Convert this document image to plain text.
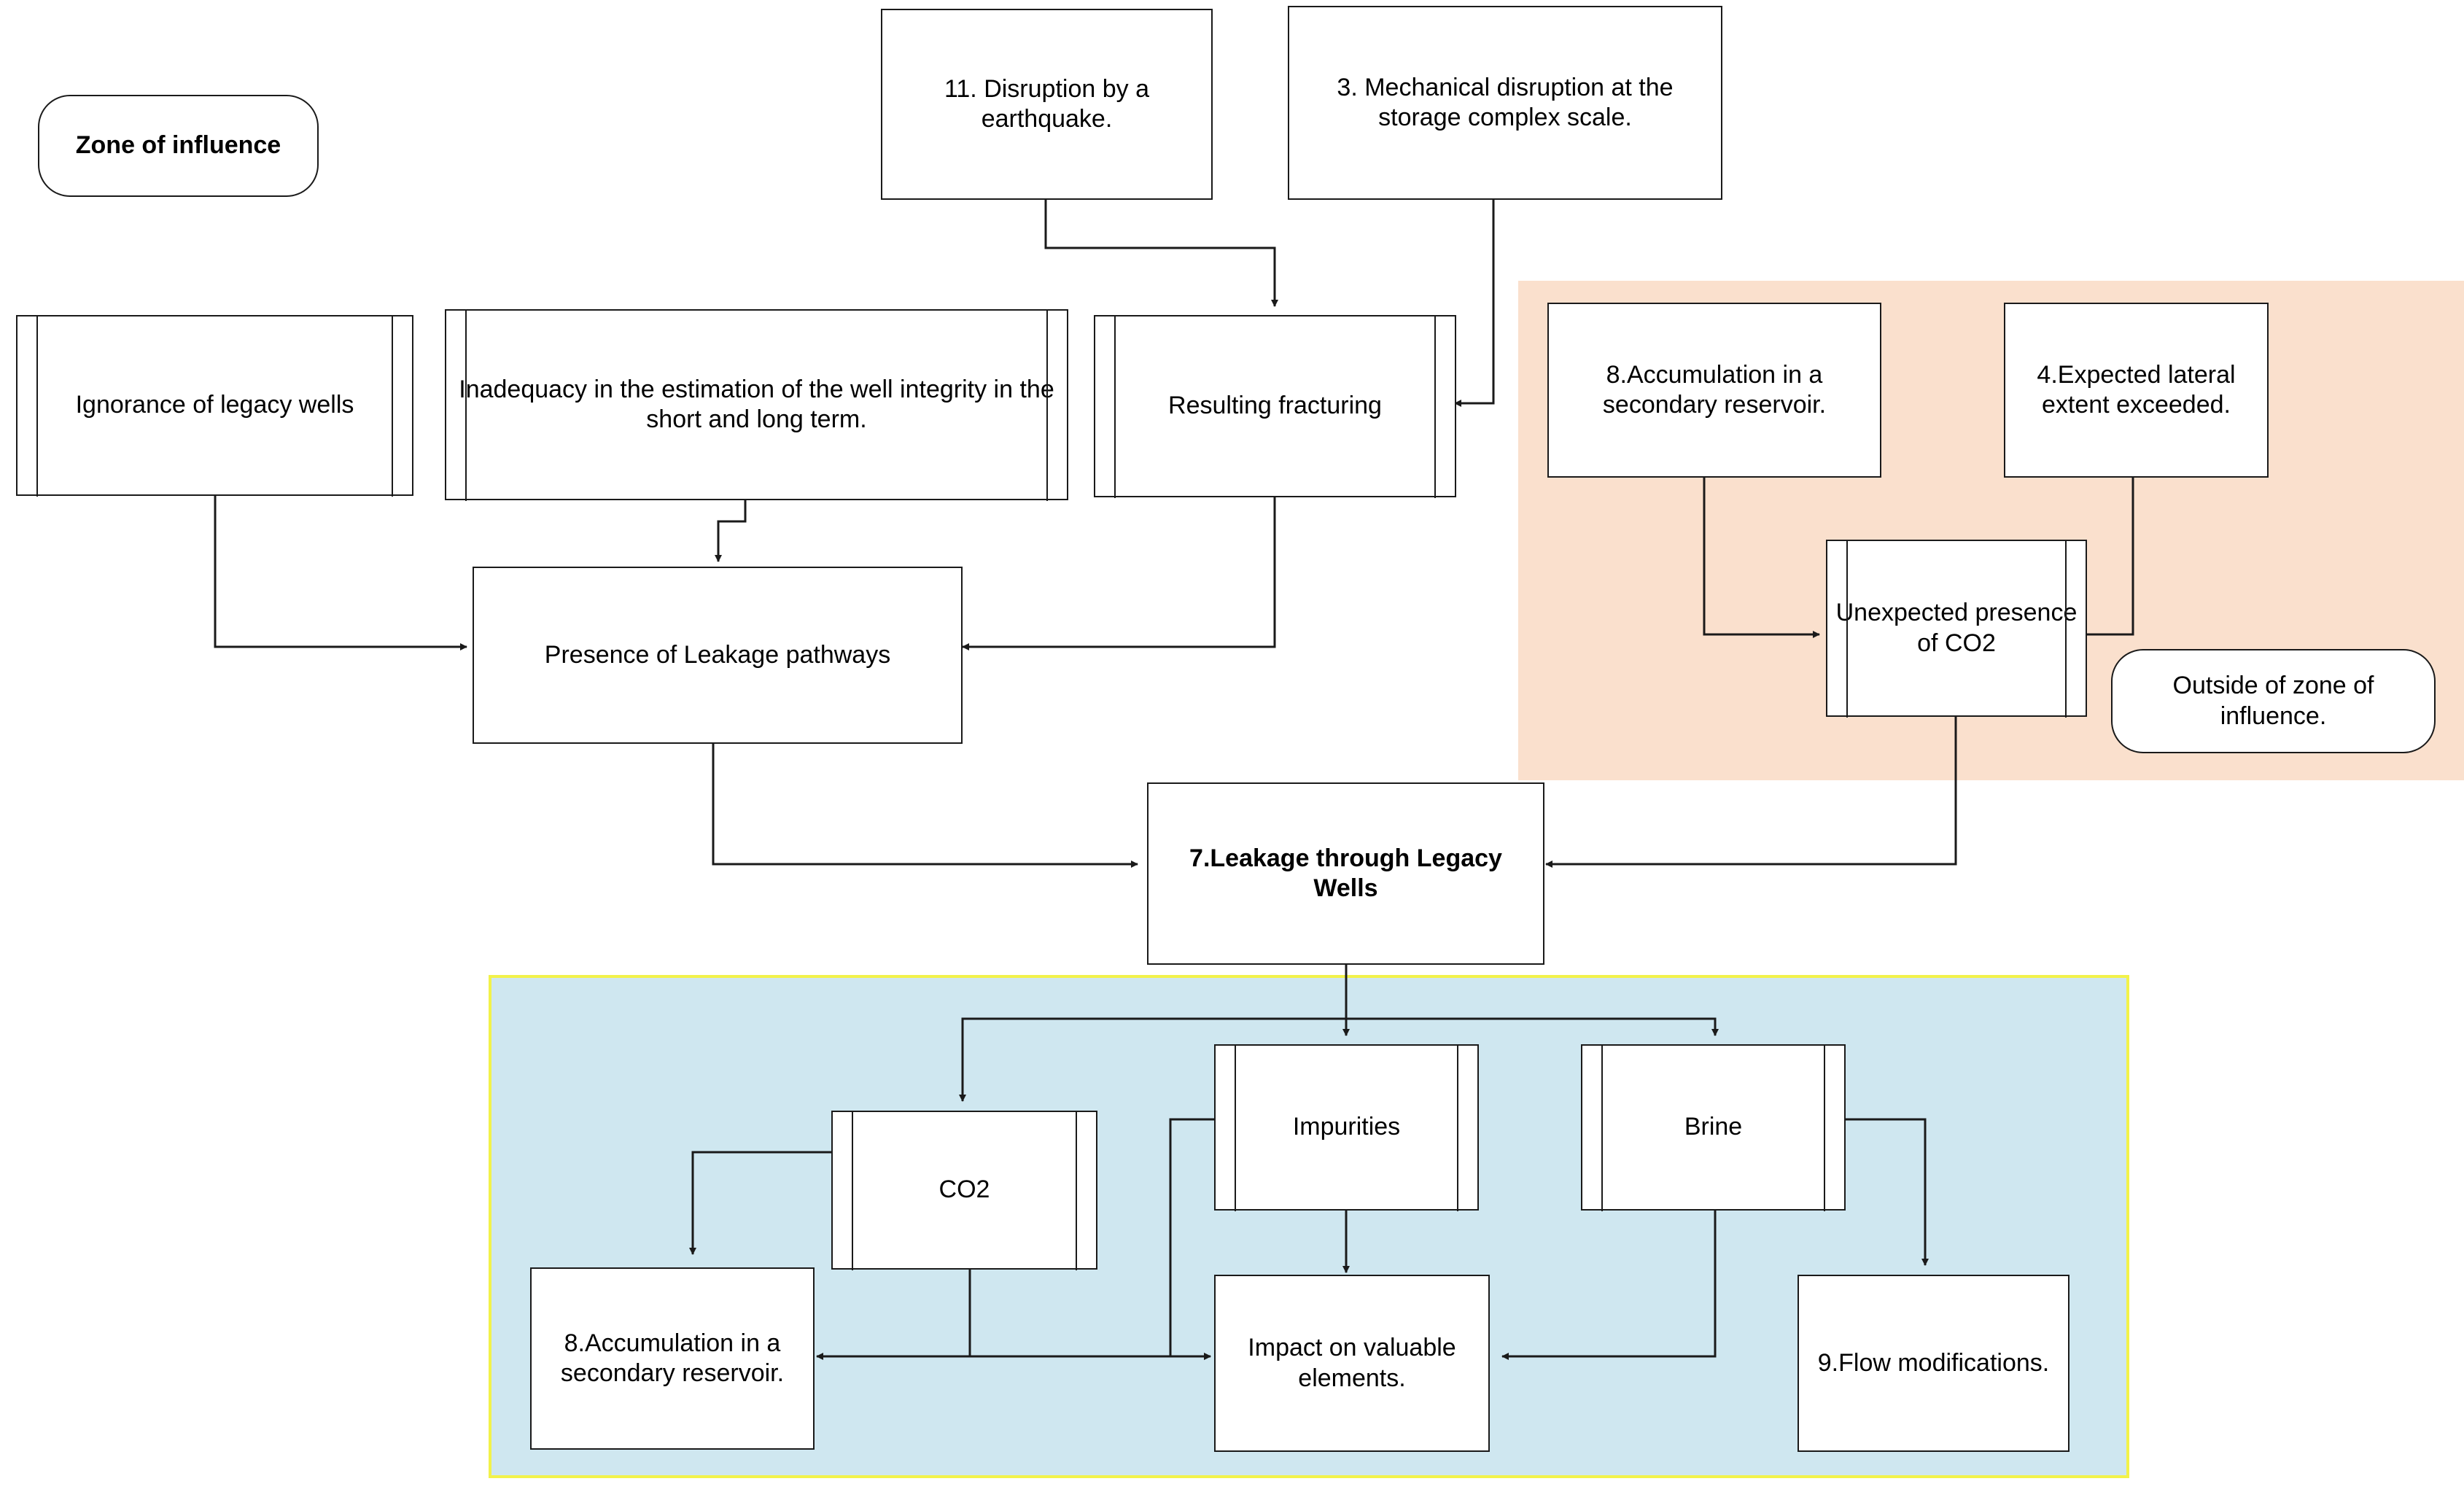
Zone of influence
11. Disruption by a earthquake.
3. Mechanical disruption at the storage complex scale.
Ignorance of legacy wells
Inadequacy in the estimation of the well integrity in the short and long term.	Resulting fracturing
8.Accumulation in a secondary reservoir.
4.Expected lateral extent exceeded.
Presence of Leakage pathways
Unexpected presence of CO2
Outside of zone of influence.
7.Leakage through Legacy Wells
CO2
Impurities	Brine
8.Accumulation in a secondary reservoir.
Impact on valuable elements.
9.Flow modifications.
